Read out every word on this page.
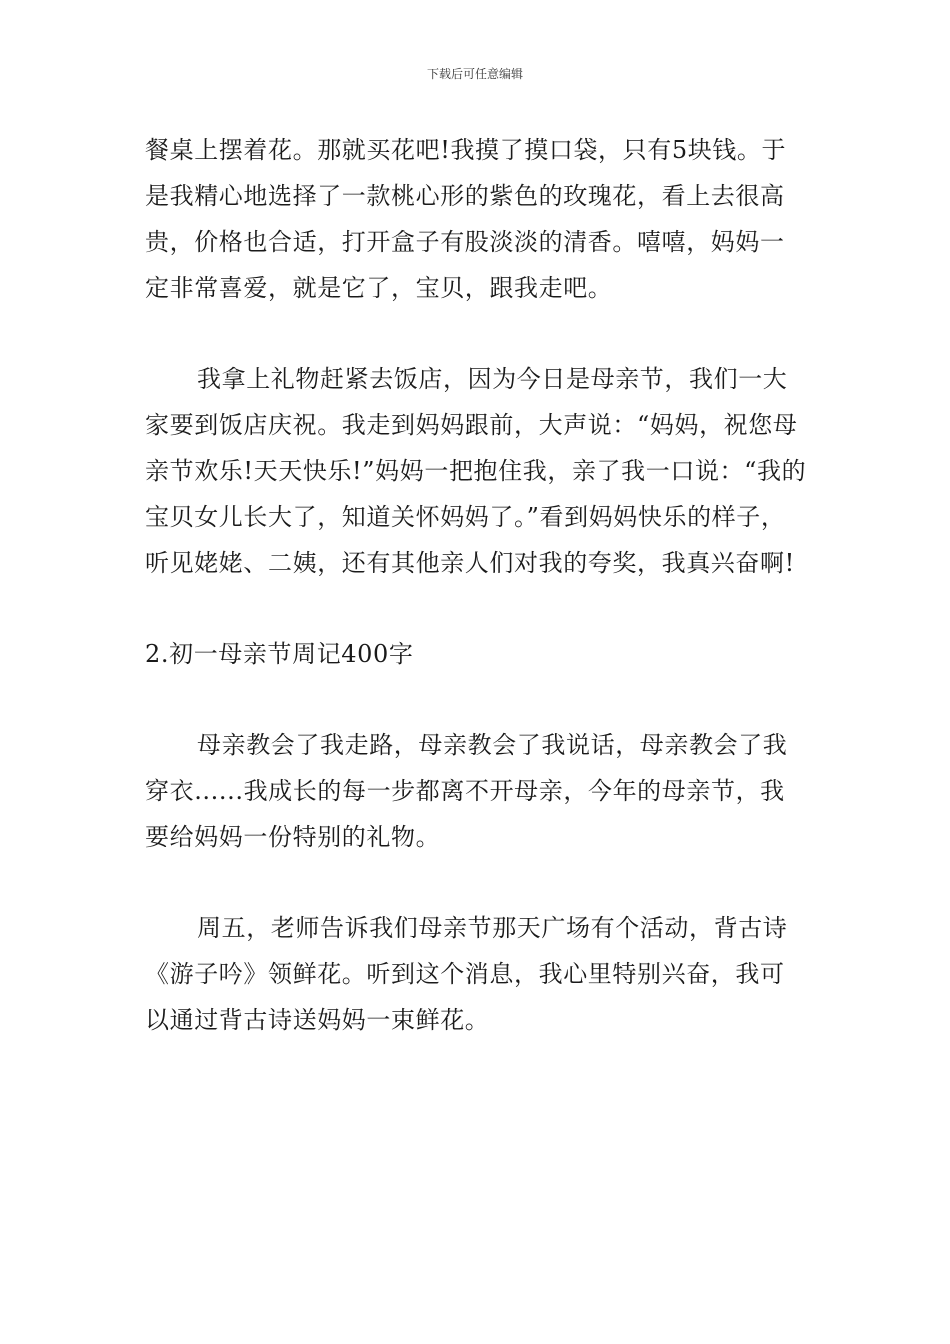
下载后可任意编辑

餐桌上摆着花。那就买花吧!我摸了摸口袋，只有5块钱。于是我精心地选择了一款桃心形的紫色的玫瑰花，看上去很高贵，价格也合适，打开盒子有股淡淡的清香。嘻嘻，妈妈一定非常喜爱，就是它了，宝贝，跟我走吧。

我拿上礼物赶紧去饭店，因为今日是母亲节，我们一大家要到饭店庆祝。我走到妈妈跟前，大声说：“妈妈，祝您母亲节欢乐!天天快乐!”妈妈一把抱住我，亲了我一口说：“我的宝贝女儿长大了，知道关怀妈妈了。”看到妈妈快乐的样子，听见姥姥、二姨，还有其他亲人们对我的夸奖，我真兴奋啊!

2.初一母亲节周记400字

母亲教会了我走路，母亲教会了我说话，母亲教会了我穿衣......我成长的每一步都离不开母亲，今年的母亲节，我要给妈妈一份特别的礼物。

周五，老师告诉我们母亲节那天广场有个活动，背古诗《游子吟》领鲜花。听到这个消息，我心里特别兴奋，我可以通过背古诗送妈妈一束鲜花。
